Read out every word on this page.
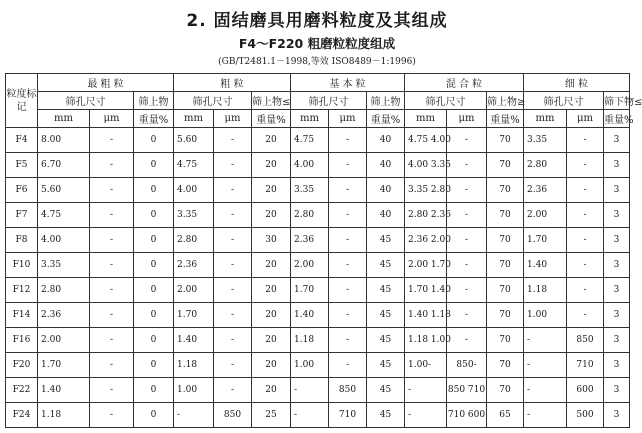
2. 固结磨具用磨料粒度及其组成
F4～F220 粗磨粒粒度组成
(GB/T2481.1－1998,等效 ISO8489－1:1996)
粒度标记	最 粗 粒			粗 粒			基 本 粒			混 合 粒			细 粒		
	筛孔尺寸		筛上物	筛孔尺寸		筛上物≤	筛孔尺寸		筛上物	筛孔尺寸		筛上物≥	筛孔尺寸		筛下物≤
	mm	μm	重量%	mm	μm	重量%	mm	μm	重量%	mm	μm	重量%	mm	μm	重量%
F4	8.00	-	0	5.60	-	20	4.75	-	40	4.75 4.00	-	70	3.35	-	3
F5	6.70	-	0	4.75	-	20	4.00	-	40	4.00 3.35	-	70	2.80	-	3
F6	5.60	-	0	4.00	-	20	3.35	-	40	3.35 2.80	-	70	2.36	-	3
F7	4.75	-	0	3.35	-	20	2.80	-	40	2.80 2.36	-	70	2.00	-	3
F8	4.00	-	0	2.80	-	30	2.36	-	45	2.36 2.00	-	70	1.70	-	3
F10	3.35	-	0	2.36	-	20	2.00	-	45	2.00 1.70	-	70	1.40	-	3
F12	2.80	-	0	2.00	-	20	1.70	-	45	1.70 1.40	-	70	1.18	-	3
F14	2.36	-	0	1.70	-	20	1.40	-	45	1.40 1.18	-	70	1.00	-	3
F16	2.00	-	0	1.40	-	20	1.18	-	45	1.18 1.00	-	70	-	850	3
F20	1.70	-	0	1.18	-	20	1.00	-	45	1.00-	850-	70	-	710	3
F22	1.40	-	0	1.00	-	20	-	850	45	-	850 710	70	-	600	3
F24	1.18	-	0	-	850	25	-	710	45	-	710 600	65	-	500	3
